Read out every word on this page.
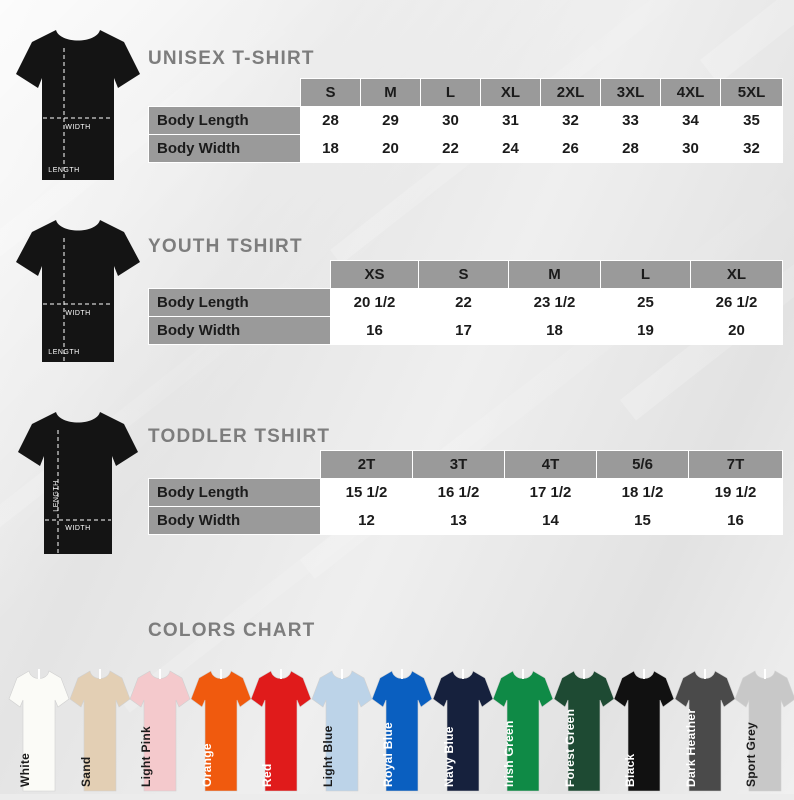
WIDTH
LENGTH
UNISEX T-SHIRT
	S	M	L	XL	2XL	3XL	4XL	5XL
Body Length	28	29	30	31	32	33	34	35
Body Width	18	20	22	24	26	28	30	32
WIDTH
LENGTH
YOUTH TSHIRT
	XS	S	M	L	XL
Body Length	20 1/2	22	23 1/2	25	26 1/2
Body Width	16	17	18	19	20
WIDTH
LENGTH
TODDLER TSHIRT
	2T	3T	4T	5/6	7T
Body Length	15 1/2	16 1/2	17 1/2	18 1/2	19 1/2
Body Width	12	13	14	15	16
COLORS CHART
White	Sand	Light Pink	Orange	Red	Light Blue	Royal Blue	Navy Blue	Irish Green	Forest Green	Black	Dark Heather	Sport Grey
